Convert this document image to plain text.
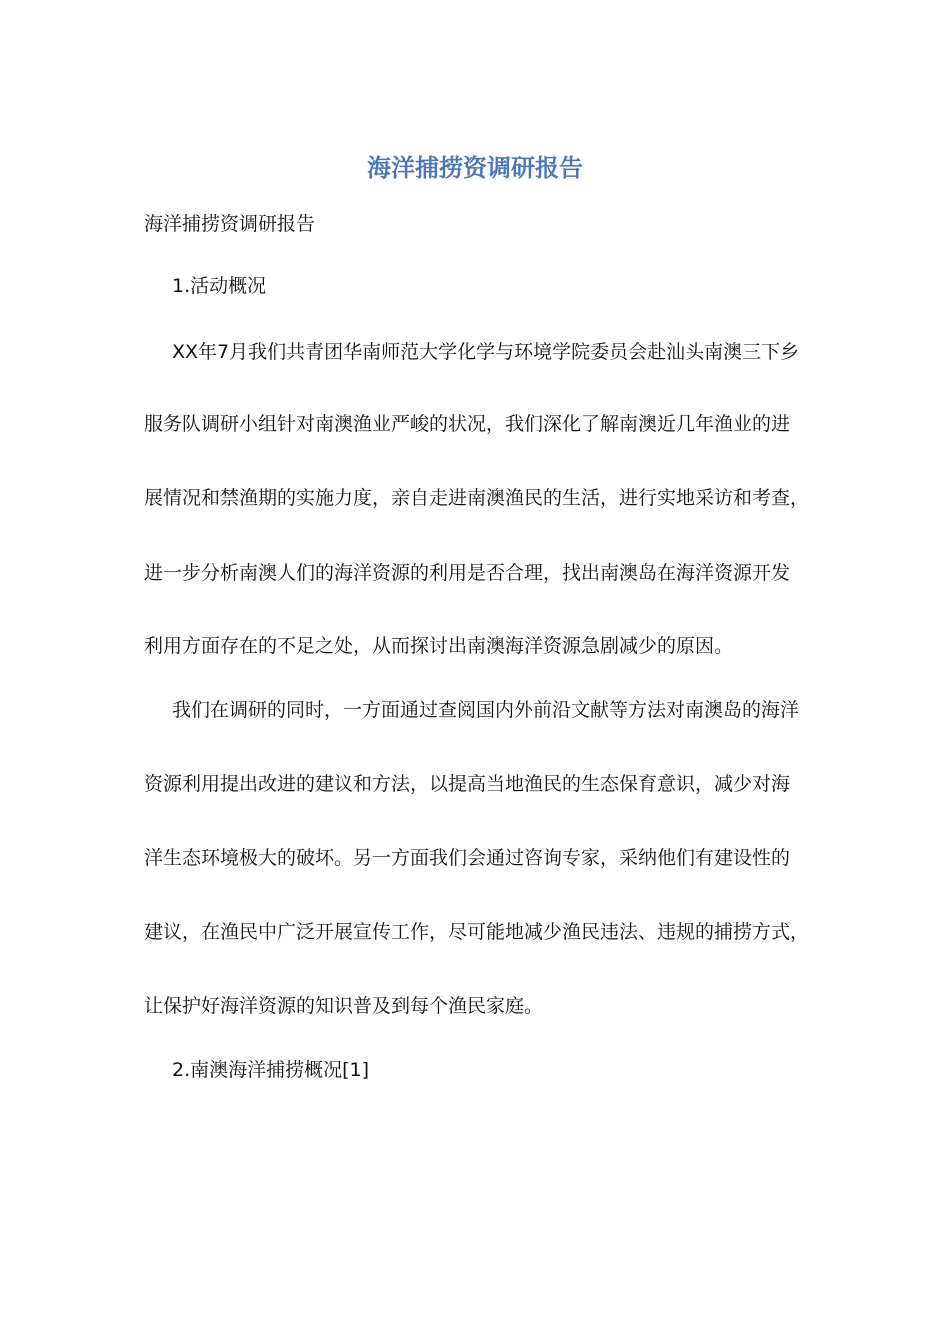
海洋捕捞资调研报告
海洋捕捞资调研报告
1.活动概况
XX年7月我们共青团华南师范大学化学与环境学院委员会赴汕头南澳三下乡
服务队调研小组针对南澳渔业严峻的状况，我们深化了解南澳近几年渔业的进
展情况和禁渔期的实施力度，亲自走进南澳渔民的生活，进行实地采访和考查，
进一步分析南澳人们的海洋资源的利用是否合理，找出南澳岛在海洋资源开发
利用方面存在的不足之处，从而探讨出南澳海洋资源急剧减少的原因。
我们在调研的同时，一方面通过查阅国内外前沿文献等方法对南澳岛的海洋
资源利用提出改进的建议和方法，以提高当地渔民的生态保育意识，减少对海
洋生态环境极大的破坏。另一方面我们会通过咨询专家，采纳他们有建设性的
建议，在渔民中广泛开展宣传工作，尽可能地减少渔民违法、违规的捕捞方式，
让保护好海洋资源的知识普及到每个渔民家庭。
2.南澳海洋捕捞概况[1]
